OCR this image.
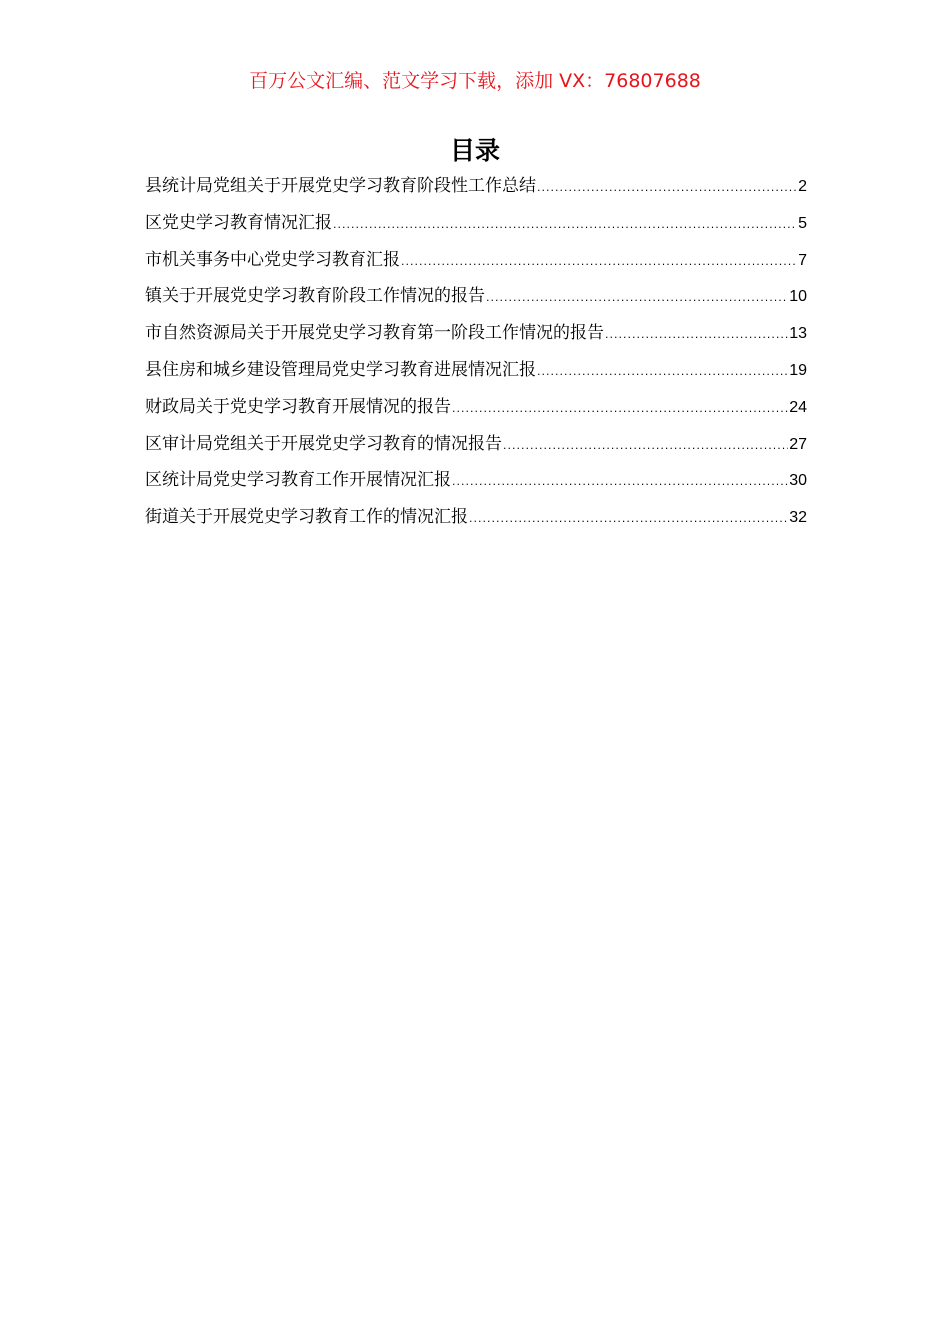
百万公文汇编、范文学习下载，添加 VX：76807688
目录
县统计局党组关于开展党史学习教育阶段性工作总结 .....	2
区党史学习教育情况汇报 .....	5
市机关事务中心党史学习教育汇报 .....	7
镇关于开展党史学习教育阶段工作情况的报告 .....	10
市自然资源局关于开展党史学习教育第一阶段工作情况的报告 .....	13
县住房和城乡建设管理局党史学习教育进展情况汇报 .....	19
财政局关于党史学习教育开展情况的报告 .....	24
区审计局党组关于开展党史学习教育的情况报告 .....	27
区统计局党史学习教育工作开展情况汇报 .....	30
街道关于开展党史学习教育工作的情况汇报 .....	32
